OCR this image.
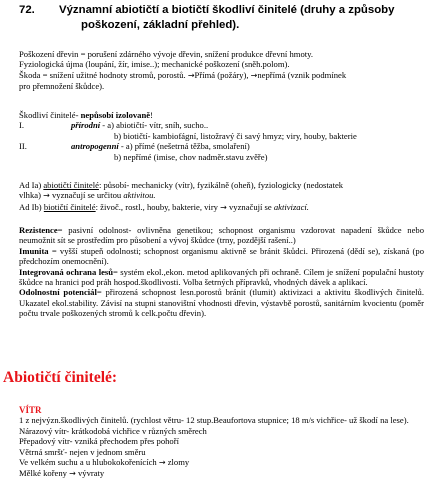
72. Významní abiotičtí a biotičtí škodliví činitelé (druhy a způsoby
poškození, základní přehled).
Poškození dřevin = porušení zdárného vývoje dřevin, snížení produkce dřevní hmoty.
Fyziologická újma (loupání, žír, imise..); mechanické poškození (sněh.polom).
Škoda = snížení užitné hodnoty stromů, porostů. →Přímá (požáry), →nepřímá (vznik podmínek
pro přemnožení škůdce).
Škodliví činitelé- nepůsobí izolovaně!
I.	přírodní - a) abiotičtí- vítr, sníh, sucho..
b) biotičtí- kambiofágní, listožravý či savý hmyz; viry, houby, bakterie
II.	antropogenní - a) přímé (nešetrná těžba, smolaření)
b) nepřímé (imise, chov nadměr.stavu zvěře)
Ad Ia) abiotičtí činitelé: působí- mechanicky (vítr), fyzikálně (oheň), fyziologicky (nedostatek
vlhka) → vyznačují se určitou aktivitou.
Ad Ib) biotičtí činitelé: živoč., rostl., houby, bakterie, viry → vyznačují se aktivizací.
Rezistence= pasivní odolnost- ovlivněna genetikou; schopnost organismu vzdorovat napadení škůdce nebo neumožnit sít se prostředím pro působení a vývoj škůdce (trny, pozdější rašení..)
Imunita = vyšší stupeň odolnosti; schopnost organismu aktivně se bránit škůdci. Přirozená (dědí se), získaná (po předchozím onemocnění).
Integrovaná ochrana lesů= systém ekol.,ekon. metod aplikovaných při ochraně. Cílem je snížení populační hustoty škůdce na hranici pod práh hospod.škodlivosti. Volba šetrných přípravků, vhodných dávek a aplikací.
Odolnostní potenciál= přirozená schopnost lesn.porostů bránit (tlumit) aktivizaci a aktivitu škodlivých činitelů. Ukazatel ekol.stability. Závisí na stupni stanovištní vhodnosti dřevin, výstavbě porostů, sanitárním kvocientu (poměr počtu trvale poškozených stromů k celk.počtu dřevin).
Abiotičtí činitelé:
VÍTR
1 z nejvýzn.škodlivých činitelů. (rychlost větru- 12 stup.Beaufortova stupnice; 18 m/s vichřice- už škodí na lese).
Nárazový vítr- krátkodobá vichřice v různých směrech
Přepadový vítr- vzniká přechodem přes pohoří
Větrná smršť- nejen v jednom směru
Ve velkém suchu a u hlubokokořenících → zlomy
Mělké kořeny → vývraty
